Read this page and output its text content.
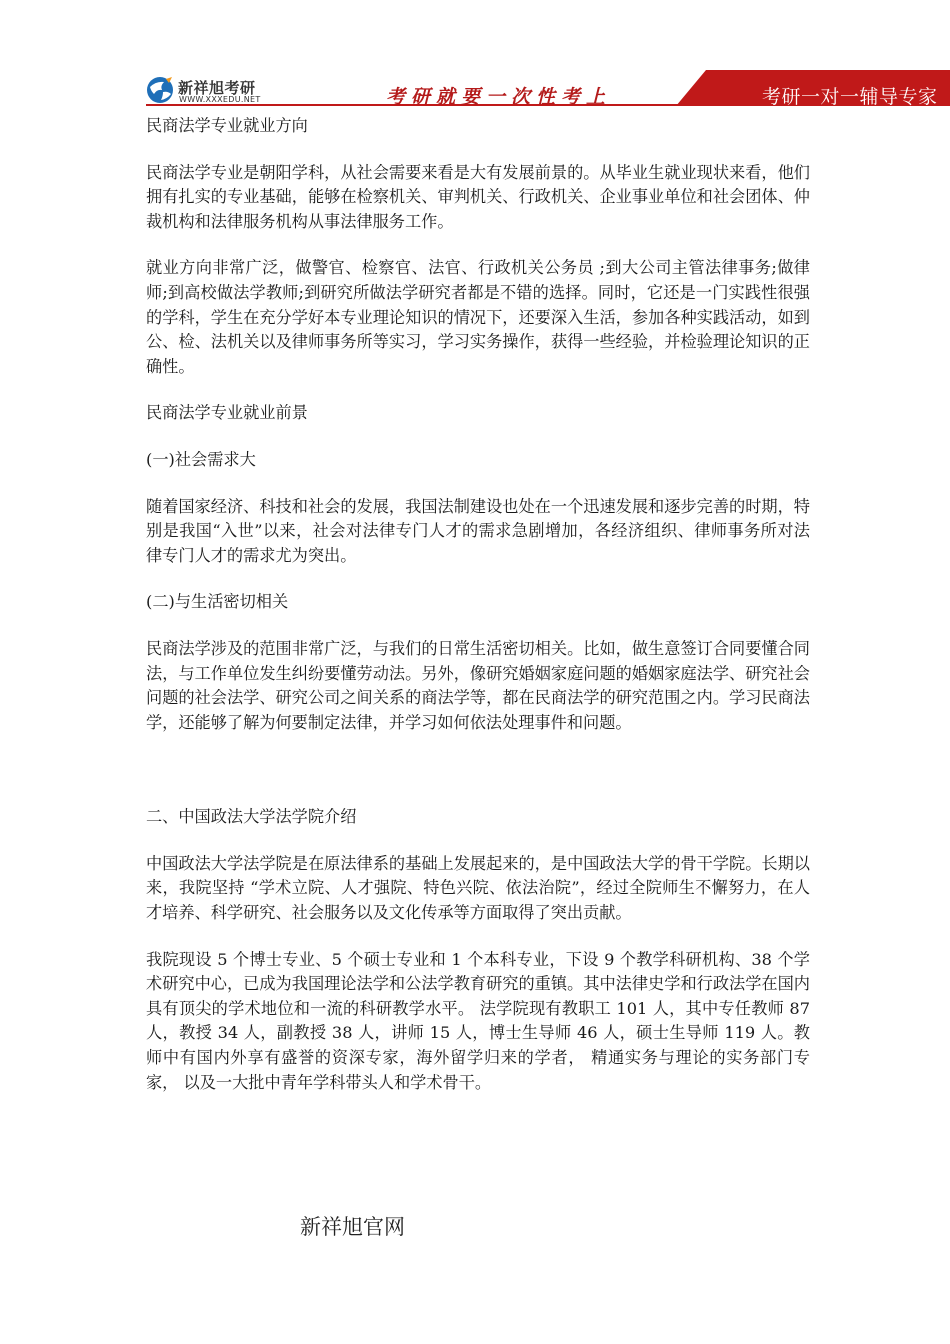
新祥旭考研
WWW.XXXEDU.NET	考研就要一次性考上	考研一对一辅导专家

民商法学专业就业方向

民商法学专业是朝阳学科，从社会需要来看是大有发展前景的。从毕业生就业现状来看，他们拥有扎实的专业基础，能够在检察机关、审判机关、行政机关、企业事业单位和社会团体、仲裁机构和法律服务机构从事法律服务工作。

就业方向非常广泛，做警官、检察官、法官、行政机关公务员 ;到大公司主管法律事务;做律师;到高校做法学教师;到研究所做法学研究者都是不错的选择。同时，它还是一门实践性很强的学科，学生在充分学好本专业理论知识的情况下，还要深入生活，参加各种实践活动，如到公、检、法机关以及律师事务所等实习，学习实务操作，获得一些经验，并检验理论知识的正确性。

民商法学专业就业前景

(一)社会需求大

随着国家经济、科技和社会的发展，我国法制建设也处在一个迅速发展和逐步完善的时期，特别是我国“入世”以来，社会对法律专门人才的需求急剧增加，各经济组织、律师事务所对法律专门人才的需求尤为突出。

(二)与生活密切相关

民商法学涉及的范围非常广泛，与我们的日常生活密切相关。比如，做生意签订合同要懂合同法，与工作单位发生纠纷要懂劳动法。另外，像研究婚姻家庭问题的婚姻家庭法学、研究社会问题的社会法学、研究公司之间关系的商法学等，都在民商法学的研究范围之内。学习民商法学，还能够了解为何要制定法律，并学习如何依法处理事件和问题。

二、中国政法大学法学院介绍

中国政法大学法学院是在原法律系的基础上发展起来的，是中国政法大学的骨干学院。长期以来，我院坚持 “学术立院、人才强院、特色兴院、依法治院”，经过全院师生不懈努力，在人才培养、科学研究、社会服务以及文化传承等方面取得了突出贡献。

我院现设 5 个博士专业、5 个硕士专业和 1 个本科专业，下设 9 个教学科研机构、38 个学术研究中心，已成为我国理论法学和公法学教育研究的重镇。其中法律史学和行政法学在国内具有顶尖的学术地位和一流的科研教学水平。 法学院现有教职工 101 人，其中专任教师 87 人，教授 34 人，副教授 38 人，讲师 15 人，博士生导师 46 人，硕士生导师 119 人。教师中有国内外享有盛誉的资深专家，海外留学归来的学者， 精通实务与理论的实务部门专家， 以及一大批中青年学科带头人和学术骨干。

新祥旭官网
